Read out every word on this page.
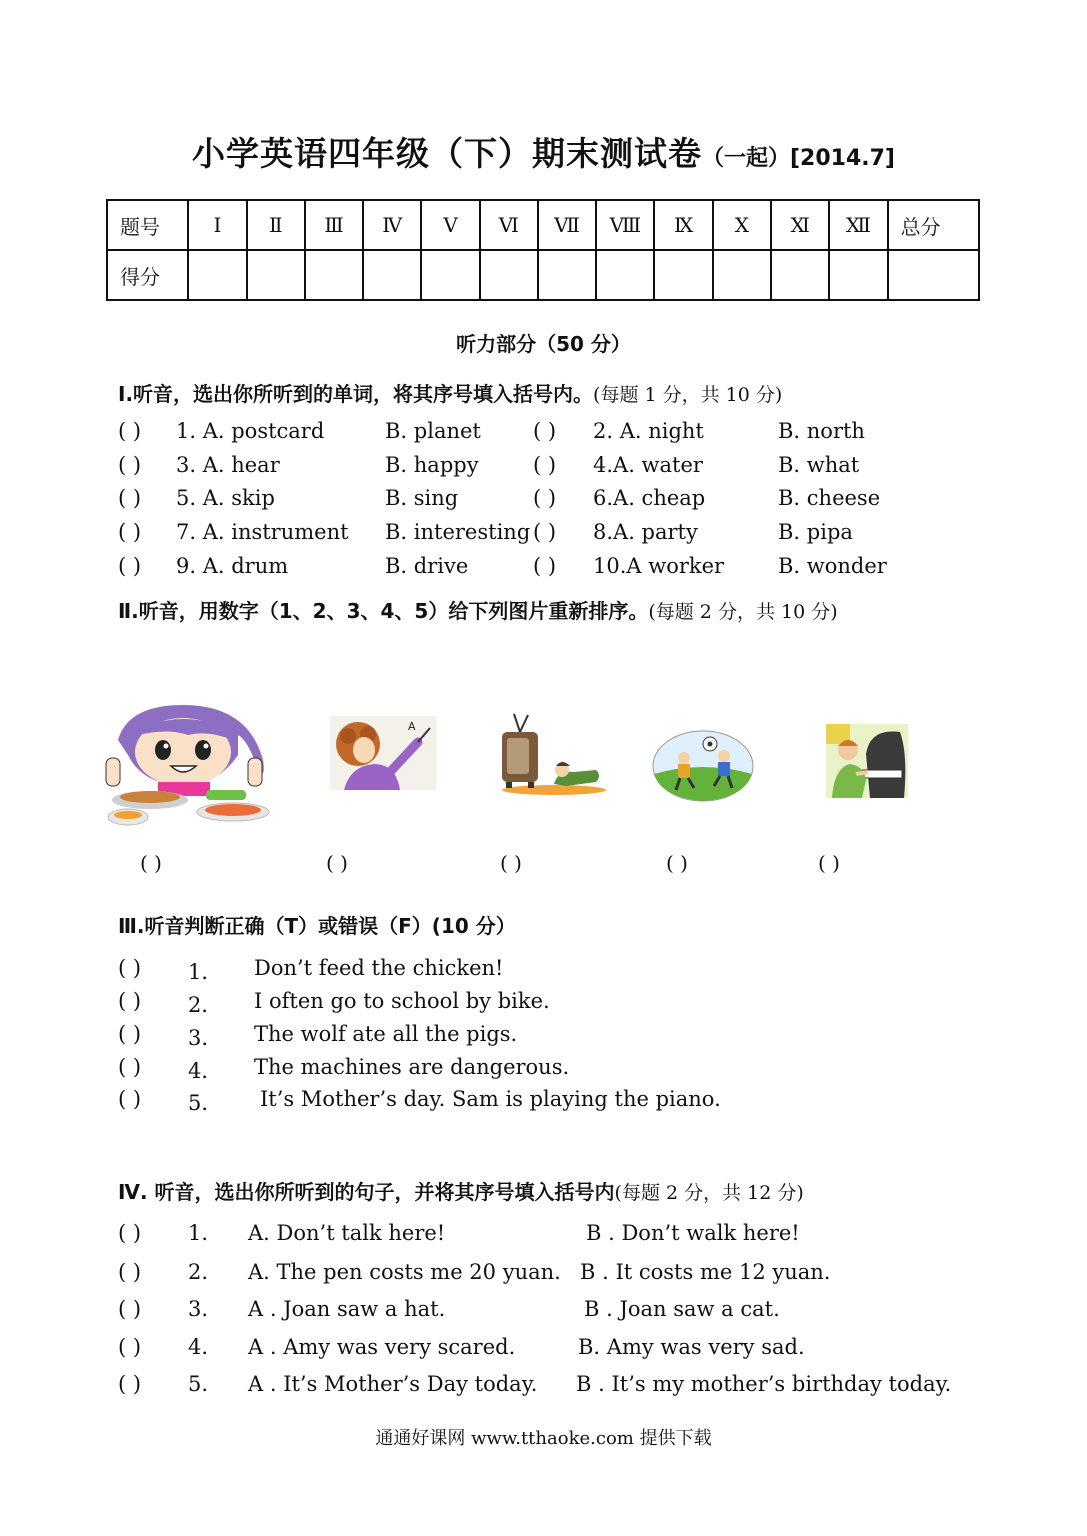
小学英语四年级（下）期末测试卷（一起）[2014.7]
题号	Ⅰ	Ⅱ	Ⅲ	Ⅳ	Ⅴ	Ⅵ	Ⅶ	Ⅷ	Ⅸ	Ⅹ	Ⅺ	Ⅻ	总分
得分													
听力部分（50 分）
Ⅰ.听音，选出你所听到的单词，将其序号填入括号内。(每题 1 分，共 10 分)
( ) 1. A. postcard	B. planet ( ) 2. A. night	B. north
( ) 3. A. hear	B. happy	( ) 4.A. water	B. what
( ) 5. A. skip	B. sing	( ) 6.A. cheap	B. cheese
( ) 7. A. instrument B. interesting ( ) 8.A. party	B. pipa
( ) 9. A. drum	B. drive	( ) 10.A worker	B. wonder
Ⅱ.听音，用数字（1、2、3、4、5）给下列图片重新排序。(每题 2 分，共 10 分)
A
( )	( )	( )	( )	( )
Ⅲ.听音判断正确（T）或错误（F）(10 分）
( ) 1． Don’t feed the chicken!
( ) 2． I often go to school by bike.
( ) 3． The wolf ate all the pigs.
( ) 4． The machines are dangerous.
( ) 5． It’s Mother’s day. Sam is playing the piano.
Ⅳ. 听音，选出你所听到的句子，并将其序号填入括号内(每题 2 分，共 12 分)
( ) 1. A. Don’t talk here!	B . Don’t walk here!
( ) 2. A. The pen costs me 20 yuan. B . It costs me 12 yuan.
( ) 3. A . Joan saw a hat.	B . Joan saw a cat.
( ) 4. A . Amy was very scared.	B. Amy was very sad.
( ) 5. A . It’s Mother’s Day today. B . It’s my mother’s birthday today.
通通好课网 www.tthaoke.com 提供下载
